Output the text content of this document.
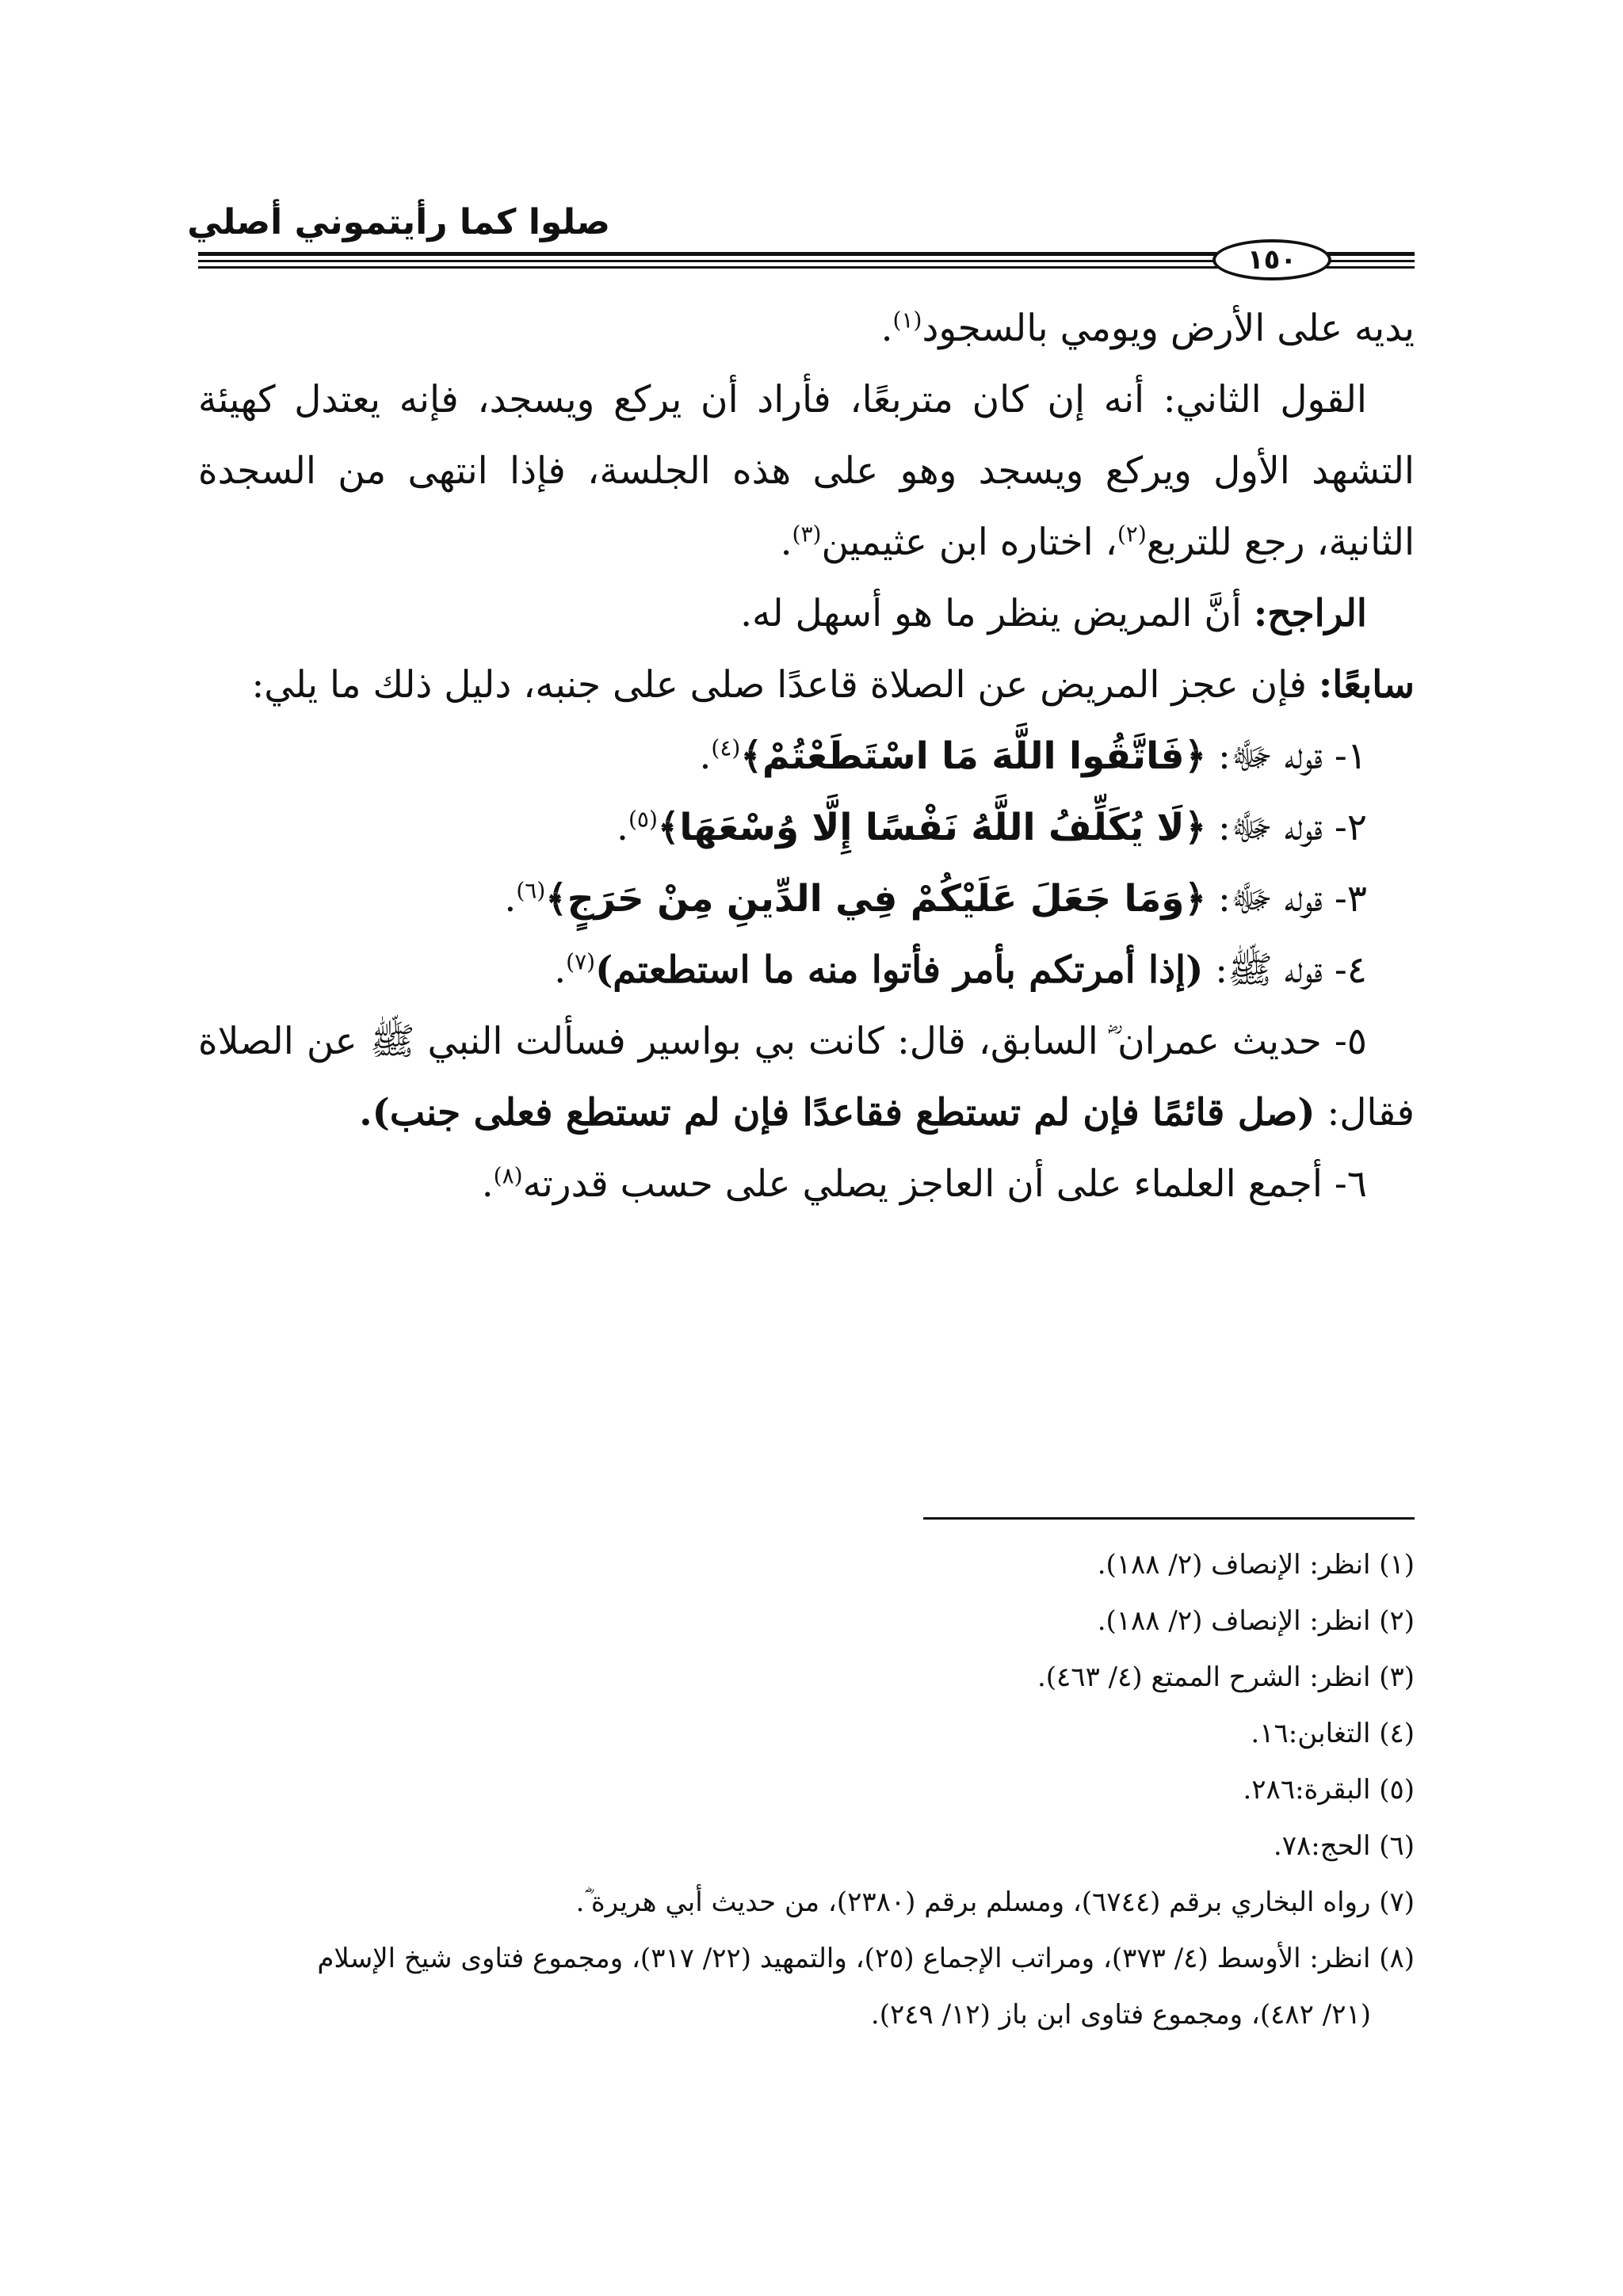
صلوا كما رأيتموني أصلي
١٥٠

يديه على الأرض ويومي بالسجود$^{(١)}$.

القول الثاني: أنه إن كان متربعًا، فأراد أن يركع ويسجد، فإنه يعتدل كهيئة التشهد الأول ويركع ويسجد وهو على هذه الجلسة، فإذا انتهى من السجدة الثانية، رجع للتربع$^{(٢)}$، اختاره ابن عثيمين$^{(٣)}$.

الراجح: أنَّ المريض ينظر ما هو أسهل له.

سابعًا: فإن عجز المريض عن الصلاة قاعدًا صلى على جنبه، دليل ذلك ما يلي:

١- قوله ﷻ: ﴿فَاتَّقُوا اللَّهَ مَا اسْتَطَعْتُمْ﴾$^{(٤)}$.

٢- قوله ﷻ: ﴿لَا يُكَلِّفُ اللَّهُ نَفْسًا إِلَّا وُسْعَهَا﴾$^{(٥)}$.

٣- قوله ﷻ: ﴿وَمَا جَعَلَ عَلَيْكُمْ فِي الدِّينِ مِنْ حَرَجٍ﴾$^{(٦)}$.

٤- قوله ﷺ: (إذا أمرتكم بأمر فأتوا منه ما استطعتم)$^{(٧)}$.

٥- حديث عمران ؓ السابق، قال: كانت بي بواسير فسألت النبي ﷺ عن الصلاة فقال: (صل قائمًا فإن لم تستطع فقاعدًا فإن لم تستطع فعلى جنب).

٦- أجمع العلماء على أن العاجز يصلي على حسب قدرته$^{(٨)}$.

(١) انظر: الإنصاف (٢/ ١٨٨).

(٢) انظر: الإنصاف (٢/ ١٨٨).

(٣) انظر: الشرح الممتع (٤/ ٤٦٣).

(٤) التغابن:١٦.

(٥) البقرة:٢٨٦.

(٦) الحج:٧٨.

(٧) رواه البخاري برقم (٦٧٤٤)، ومسلم برقم (٢٣٨٠)، من حديث أبي هريرة ؓ.

(٨) انظر: الأوسط (٤/ ٣٧٣)، ومراتب الإجماع (٢٥)، والتمهيد (٢٢/ ٣١٧)، ومجموع فتاوى شيخ الإسلام

(٢١/ ٤٨٢)، ومجموع فتاوى ابن باز (١٢/ ٢٤٩).
